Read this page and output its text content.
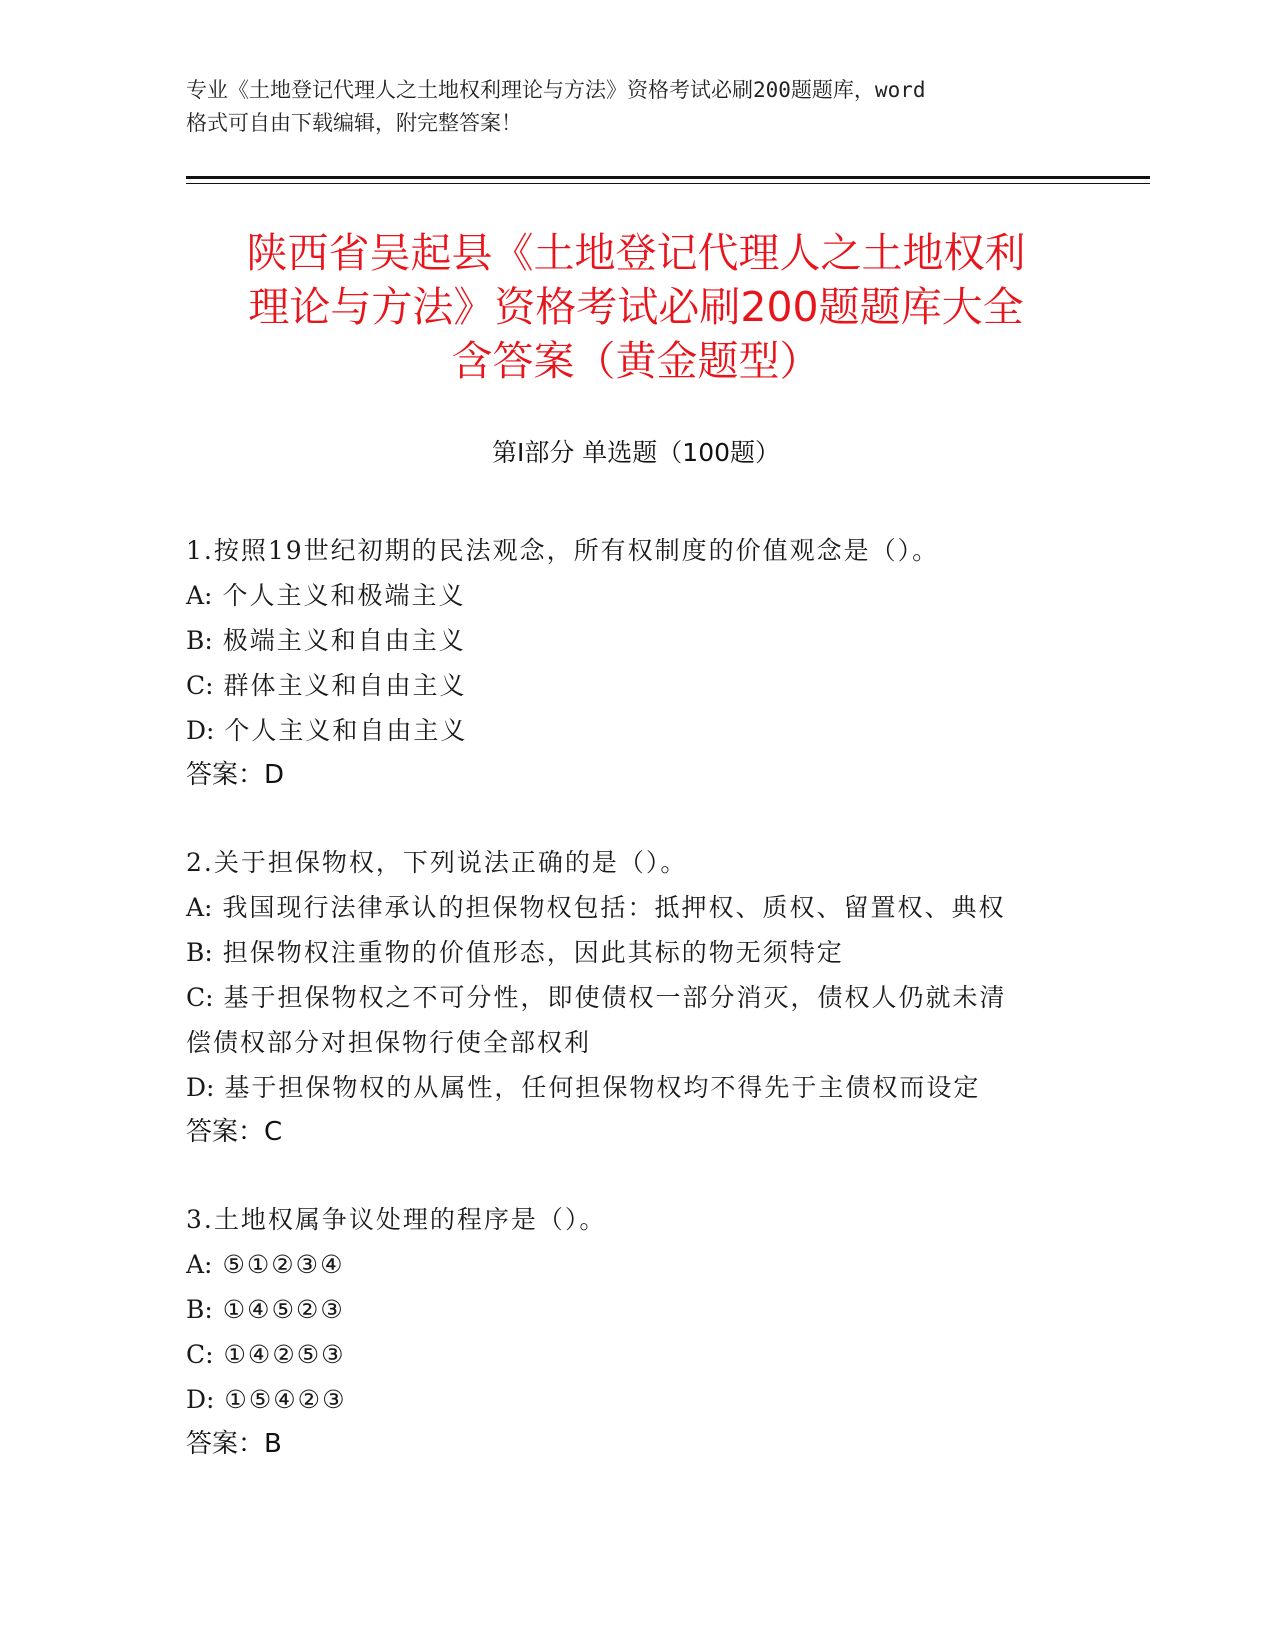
专业《土地登记代理人之土地权利理论与方法》资格考试必刷200题题库，word
格式可自由下载编辑，附完整答案！
陕西省吴起县《土地登记代理人之土地权利
理论与方法》资格考试必刷200题题库大全
含答案（黄金题型）
第Ⅰ部分 单选题（100题）
1.按照19世纪初期的民法观念，所有权制度的价值观念是（）。
A: 个人主义和极端主义
B: 极端主义和自由主义
C: 群体主义和自由主义
D: 个人主义和自由主义
答案：D
2.关于担保物权，下列说法正确的是（）。
A: 我国现行法律承认的担保物权包括：抵押权、质权、留置权、典权
B: 担保物权注重物的价值形态，因此其标的物无须特定
C: 基于担保物权之不可分性，即使债权一部分消灭，债权人仍就未清
偿债权部分对担保物行使全部权利
D: 基于担保物权的从属性，任何担保物权均不得先于主债权而设定
答案：C
3.土地权属争议处理的程序是（）。
A: ⑤①②③④
B: ①④⑤②③
C: ①④②⑤③
D: ①⑤④②③
答案：B
